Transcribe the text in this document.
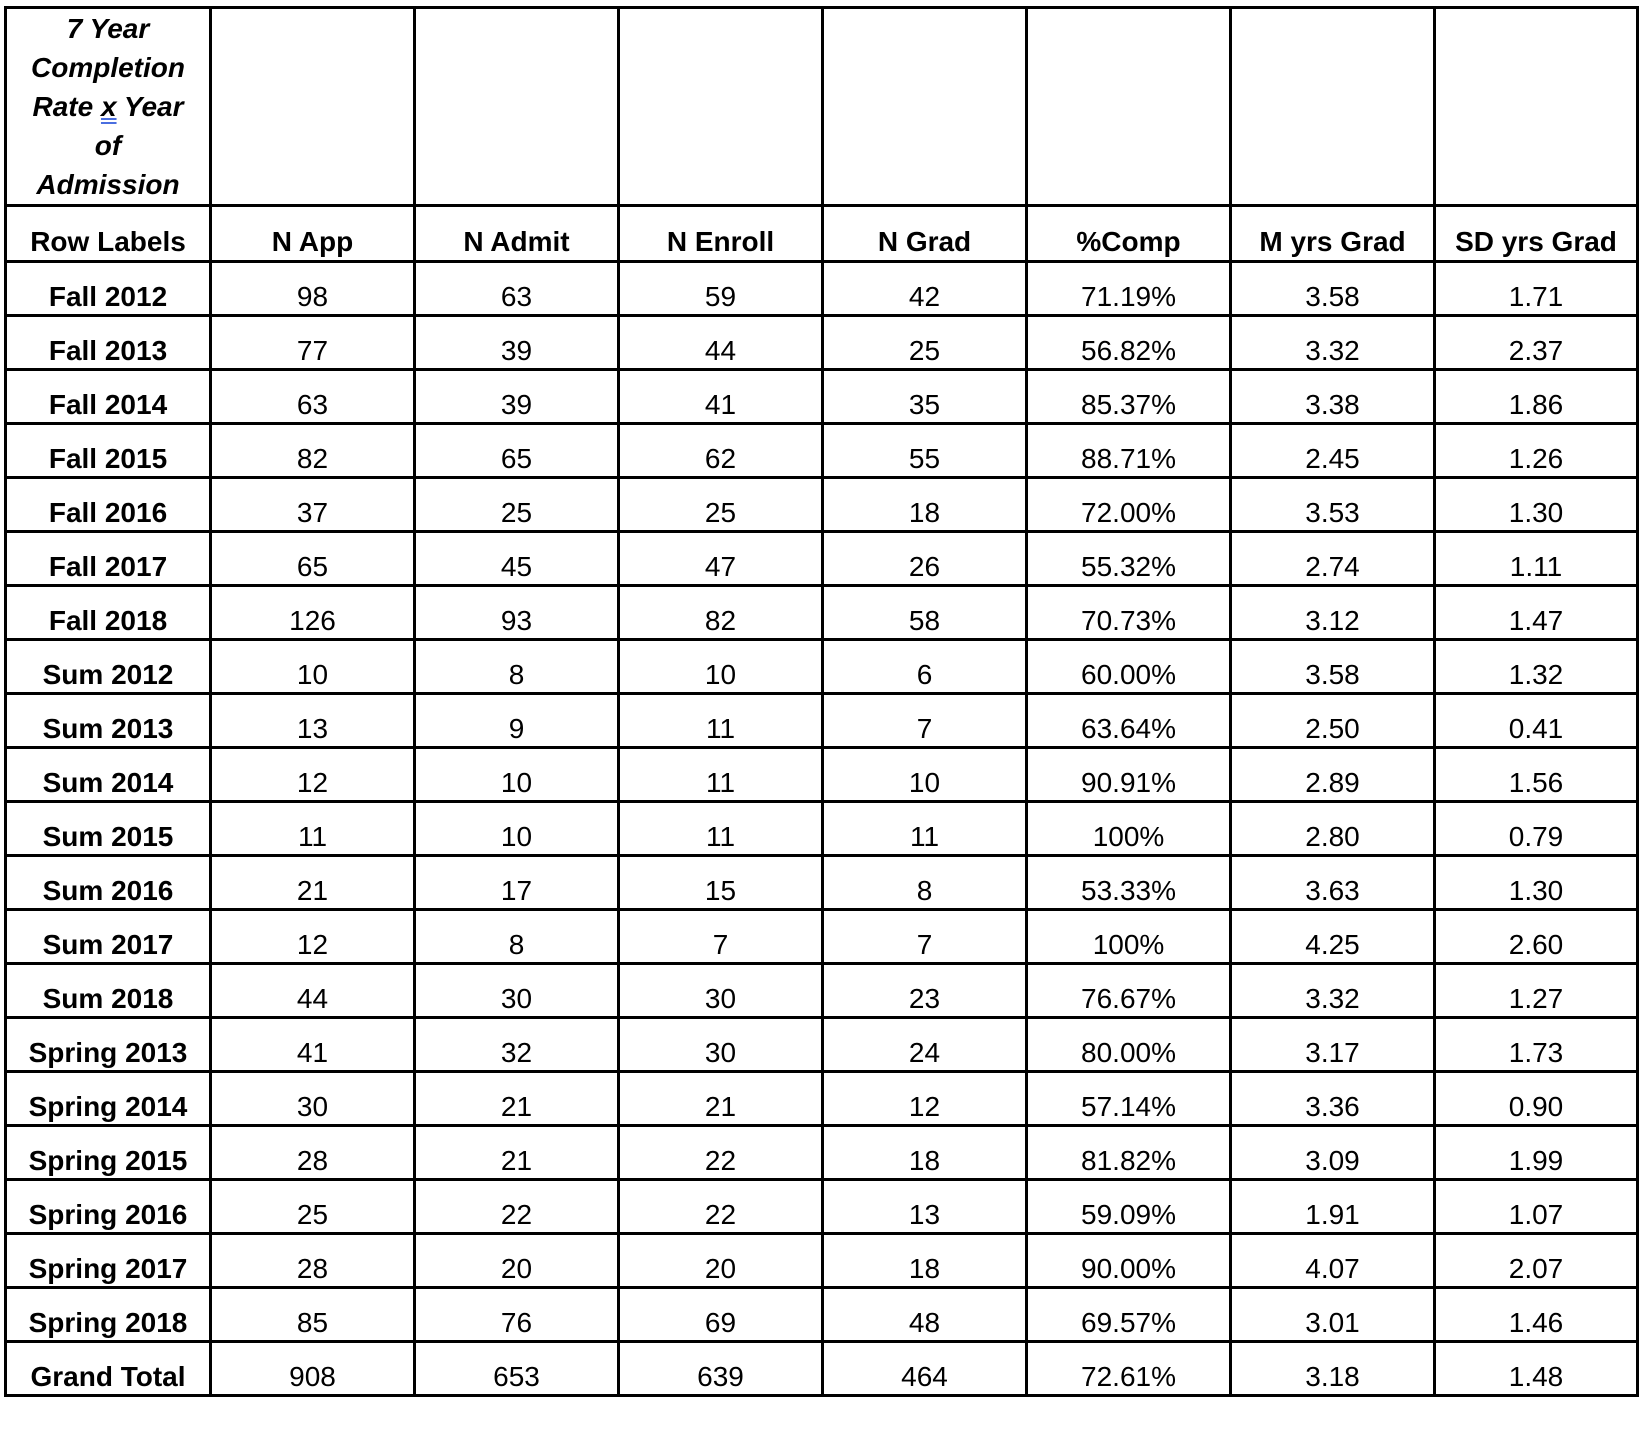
7 Year
Completion
Rate x Year
of
Admission							

Row Labels	N App	N Admit	N Enroll	N Grad	%Comp	M yrs Grad	SD yrs Grad
Fall 2012	98	63	59	42	71.19%	3.58	1.71
Fall 2013	77	39	44	25	56.82%	3.32	2.37
Fall 2014	63	39	41	35	85.37%	3.38	1.86
Fall 2015	82	65	62	55	88.71%	2.45	1.26
Fall 2016	37	25	25	18	72.00%	3.53	1.30
Fall 2017	65	45	47	26	55.32%	2.74	1.11
Fall 2018	126	93	82	58	70.73%	3.12	1.47
Sum 2012	10	8	10	6	60.00%	3.58	1.32
Sum 2013	13	9	11	7	63.64%	2.50	0.41
Sum 2014	12	10	11	10	90.91%	2.89	1.56
Sum 2015	11	10	11	11	100%	2.80	0.79
Sum 2016	21	17	15	8	53.33%	3.63	1.30
Sum 2017	12	8	7	7	100%	4.25	2.60
Sum 2018	44	30	30	23	76.67%	3.32	1.27
Spring 2013	41	32	30	24	80.00%	3.17	1.73
Spring 2014	30	21	21	12	57.14%	3.36	0.90
Spring 2015	28	21	22	18	81.82%	3.09	1.99
Spring 2016	25	22	22	13	59.09%	1.91	1.07
Spring 2017	28	20	20	18	90.00%	4.07	2.07
Spring 2018	85	76	69	48	69.57%	3.01	1.46
Grand Total	908	653	639	464	72.61%	3.18	1.48
